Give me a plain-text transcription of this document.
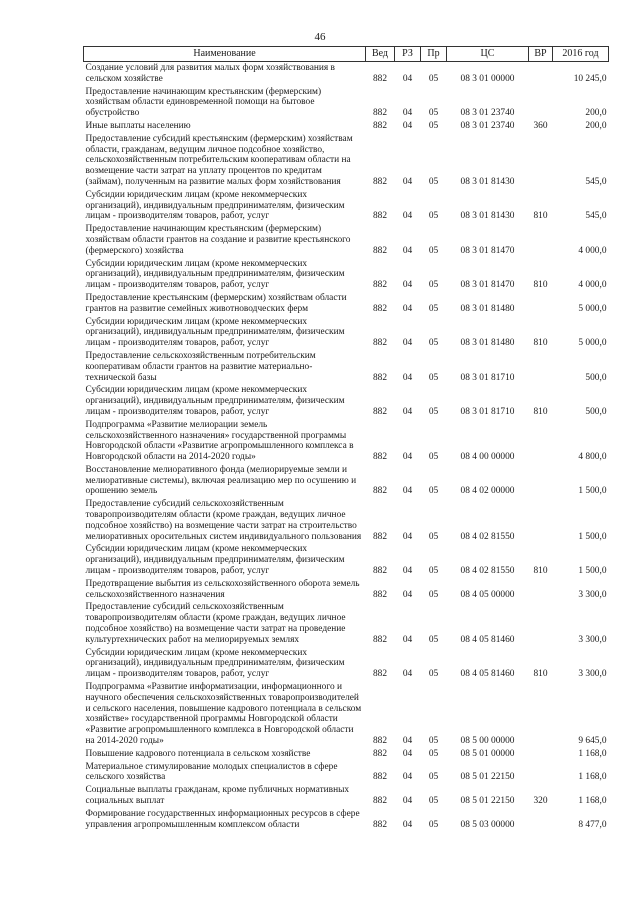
46
Наименование	Вед	РЗ	Пр	ЦС	ВР	2016 год
Создание условий для развития малых форм хозяйствования в сельском хозяйстве	882	04	05	08 3 01 00000		10 245,0
Предоставление начинающим крестьянским (фермерским) хозяйствам области единовременной помощи на бытовое обустройство	882	04	05	08 3 01 23740		200,0
Иные выплаты населению	882	04	05	08 3 01 23740	360	200,0
Предоставление субсидий крестьянским (фермерским) хозяйствам области, гражданам, ведущим личное подсобное хозяйство, сельскохозяйственным потребительским кооперативам области на возмещение части затрат на уплату процентов по кредитам (займам), полученным на развитие малых форм хозяйствования	882	04	05	08 3 01 81430		545,0
Субсидии юридическим лицам (кроме некоммерческих организаций), индивидуальным предпринимателям, физическим лицам - производителям товаров, работ, услуг	882	04	05	08 3 01 81430	810	545,0
Предоставление начинающим крестьянским (фермерским) хозяйствам области грантов на создание и развитие крестьянского (фермерского) хозяйства	882	04	05	08 3 01 81470		4 000,0
Субсидии юридическим лицам (кроме некоммерческих организаций), индивидуальным предпринимателям, физическим лицам - производителям товаров, работ, услуг	882	04	05	08 3 01 81470	810	4 000,0
Предоставление крестьянским (фермерским) хозяйствам области грантов на развитие семейных животноводческих ферм	882	04	05	08 3 01 81480		5 000,0
Субсидии юридическим лицам (кроме некоммерческих организаций), индивидуальным предпринимателям, физическим лицам - производителям товаров, работ, услуг	882	04	05	08 3 01 81480	810	5 000,0
Предоставление сельскохозяйственным потребительским кооперативам области грантов на развитие материально-технической базы	882	04	05	08 3 01 81710		500,0
Субсидии юридическим лицам (кроме некоммерческих организаций), индивидуальным предпринимателям, физическим лицам - производителям товаров, работ, услуг	882	04	05	08 3 01 81710	810	500,0
Подпрограмма «Развитие мелиорации земель сельскохозяйственного назначения» государственной программы Новгородской области «Развитие агропромышленного комплекса в Новгородской области на 2014-2020 годы»	882	04	05	08 4 00 00000		4 800,0
Восстановление мелиоративного фонда (мелиорируемые земли и мелиоративные системы), включая реализацию мер по осушению и орошению земель	882	04	05	08 4 02 00000		1 500,0
Предоставление субсидий сельскохозяйственным товаропроизводителям области (кроме граждан, ведущих личное подсобное хозяйство) на возмещение части затрат на строительство мелиоративных оросительных систем индивидуального пользования	882	04	05	08 4 02 81550		1 500,0
Субсидии юридическим лицам (кроме некоммерческих организаций), индивидуальным предпринимателям, физическим лицам - производителям товаров, работ, услуг	882	04	05	08 4 02 81550	810	1 500,0
Предотвращение выбытия из сельскохозяйственного оборота земель сельскохозяйственного назначения	882	04	05	08 4 05 00000		3 300,0
Предоставление субсидий сельскохозяйственным товаропроизводителям области (кроме граждан, ведущих личное подсобное хозяйство) на возмещение части затрат на проведение культуртехнических работ на мелиорируемых землях	882	04	05	08 4 05 81460		3 300,0
Субсидии юридическим лицам (кроме некоммерческих организаций), индивидуальным предпринимателям, физическим лицам - производителям товаров, работ, услуг	882	04	05	08 4 05 81460	810	3 300,0
Подпрограмма «Развитие информатизации, информационного и научного обеспечения сельскохозяйственных товаропроизводителей и сельского населения, повышение кадрового потенциала в сельском хозяйстве» государственной программы Новгородской области «Развитие агропромышленного комплекса в Новгородской области на 2014-2020 годы»	882	04	05	08 5 00 00000		9 645,0
Повышение кадрового потенциала в сельском хозяйстве	882	04	05	08 5 01 00000		1 168,0
Материальное стимулирование молодых специалистов в сфере сельского хозяйства	882	04	05	08 5 01 22150		1 168,0
Социальные выплаты гражданам, кроме публичных нормативных социальных выплат	882	04	05	08 5 01 22150	320	1 168,0
Формирование государственных информационных ресурсов в сфере управления агропромышленным комплексом области	882	04	05	08 5 03 00000		8 477,0
